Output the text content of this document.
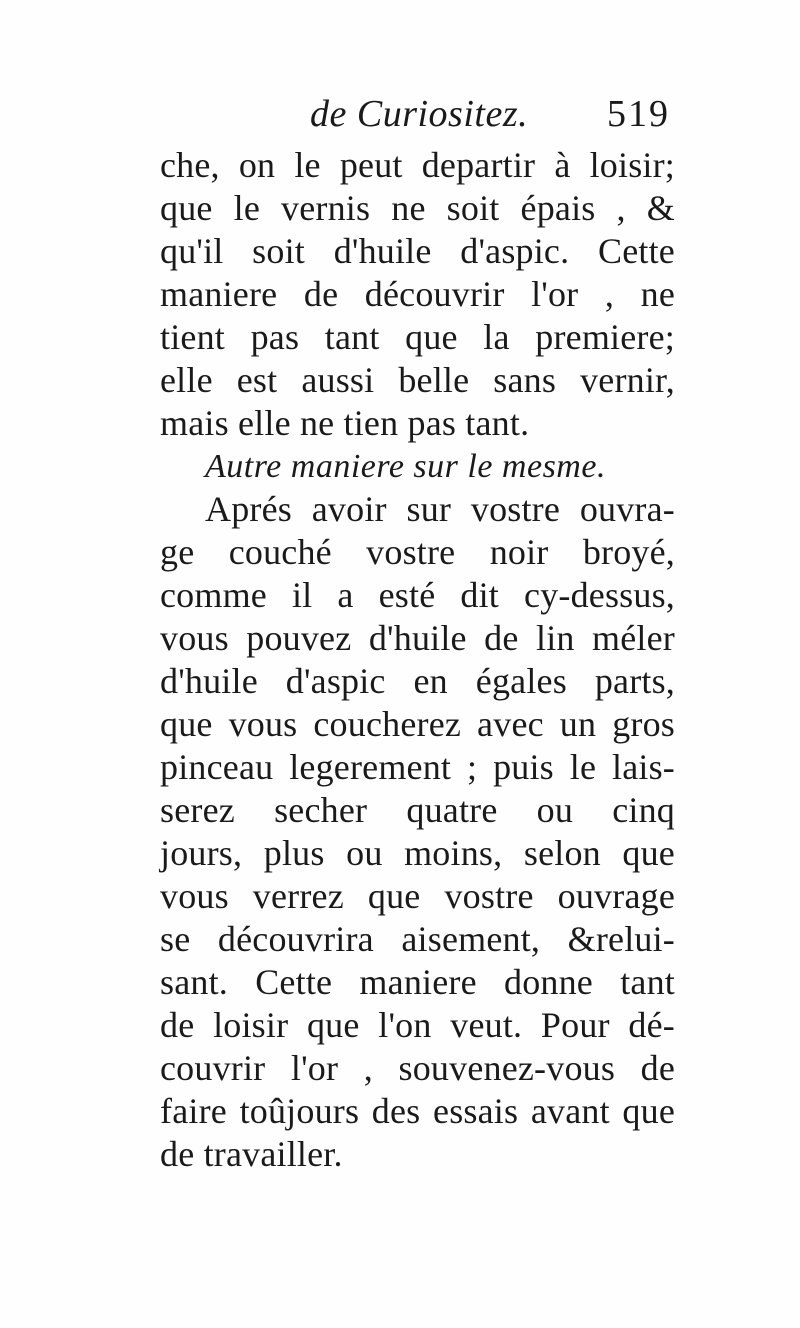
de Curiositez. 519
che, on le peut departir à loisir;
que le vernis ne soit épais , &
qu'il soit d'huile d'aspic. Cette
maniere de découvrir l'or , ne
tient pas tant que la premiere;
elle est aussi belle sans vernir,
mais elle ne tien pas tant.
Autre maniere sur le mesme.
Aprés avoir sur vostre ouvra-
ge couché vostre noir broyé,
comme il a esté dit cy-dessus,
vous pouvez d'huile de lin méler
d'huile d'aspic en égales parts,
que vous coucherez avec un gros
pinceau legerement ; puis le lais-
serez secher quatre ou cinq
jours, plus ou moins, selon que
vous verrez que vostre ouvrage
se découvrira aisement, &relui-
sant. Cette maniere donne tant
de loisir que l'on veut. Pour dé-
couvrir l'or , souvenez-vous de
faire toûjours des essais avant que
de travailler.
